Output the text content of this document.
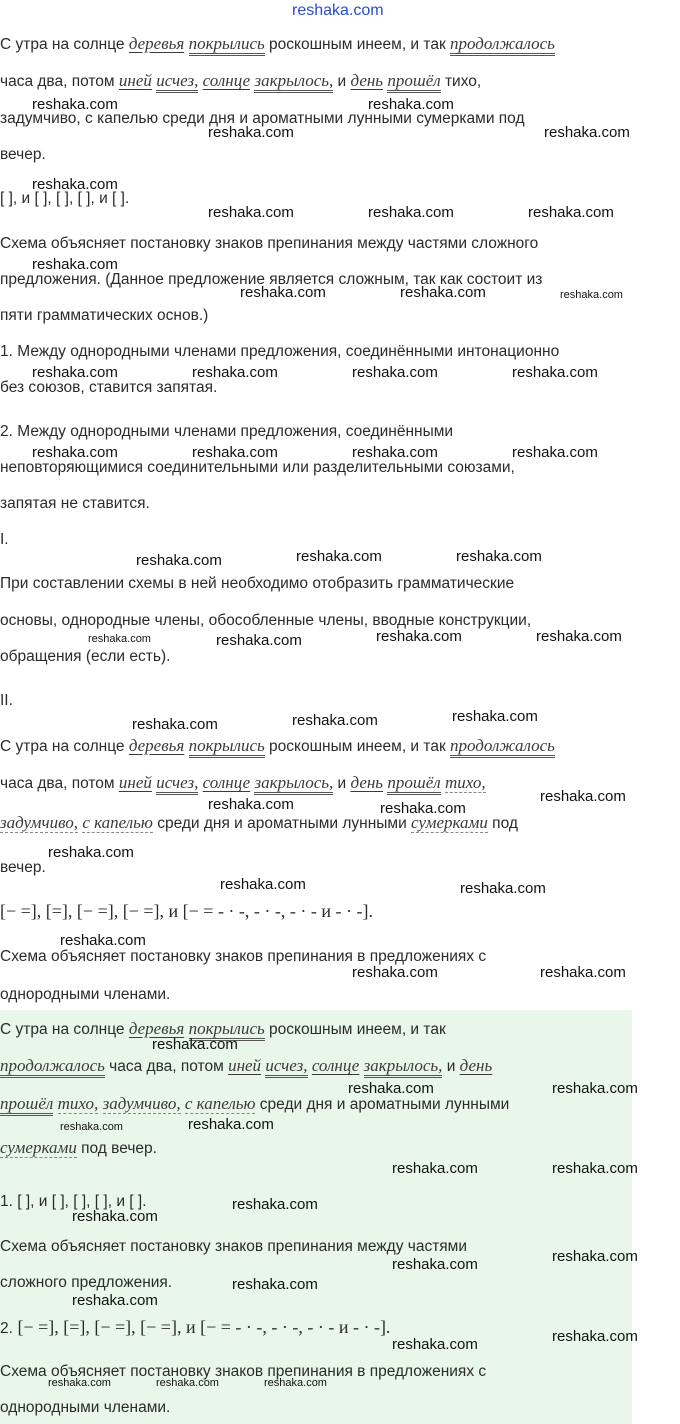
reshaka.com
С утра на солнце деревья покрылись роскошным инеем, и так продолжалось
часа два, потом иней исчез, солнце закрылось, и день прошёл тихо,
задумчиво, с капелью среди дня и ароматными лунными сумерками под
вечер.
[ ], и [ ], [ ], [ ], и [ ].
Схема объясняет постановку знаков препинания между частями сложного
предложения. (Данное предложение является сложным, так как состоит из
пяти грамматических основ.)
1. Между однородными членами предложения, соединёнными интонационно
без союзов, ставится запятая.
2. Между однородными членами предложения, соединёнными
неповторяющимися соединительными или разделительными союзами,
запятая не ставится.
I.
При составлении схемы в ней необходимо отобразить грамматические
основы, однородные члены, обособленные члены, вводные конструкции,
обращения (если есть).
II.
С утра на солнце деревья покрылись роскошным инеем, и так продолжалось
часа два, потом иней исчез, солнце закрылось, и день прошёл тихо,
задумчиво, с капелью среди дня и ароматными лунными сумерками под
вечер.
[− =], [=], [− =], [− =], и [− = - · -, - · -, - · - и - · -].
Схема объясняет постановку знаков препинания в предложениях с
однородными членами.
С утра на солнце деревья покрылись роскошным инеем, и так
продолжалось часа два, потом иней исчез, солнце закрылось, и день
прошёл тихо, задумчиво, с капелью среди дня и ароматными лунными
сумерками под вечер.
1. [ ], и [ ], [ ], [ ], и [ ].
Схема объясняет постановку знаков препинания между частями
сложного предложения.
2. [− =], [=], [− =], [− =], и [− = - · -, - · -, - · - и - · -].
Схема объясняет постановку знаков препинания в предложениях с
однородными членами.
reshaka.com	reshaka.com
reshaka.com	reshaka.com
reshaka.com
reshaka.com	reshaka.com	reshaka.com
reshaka.com
reshaka.com	reshaka.com	reshaka.com
reshaka.com	reshaka.com	reshaka.com	reshaka.com
reshaka.com	reshaka.com	reshaka.com	reshaka.com
reshaka.com	reshaka.com	reshaka.com
reshaka.com	reshaka.com	reshaka.com	reshaka.com
reshaka.com	reshaka.com	reshaka.com
reshaka.com	reshaka.com
reshaka.com
reshaka.com
reshaka.com	reshaka.com
reshaka.com
reshaka.com	reshaka.com
reshaka.com
reshaka.com	reshaka.com
reshaka.com	reshaka.com
reshaka.com	reshaka.com
reshaka.com
reshaka.com
reshaka.com	reshaka.com
reshaka.com
reshaka.com
reshaka.com	reshaka.com
reshaka.com	reshaka.com	reshaka.com
